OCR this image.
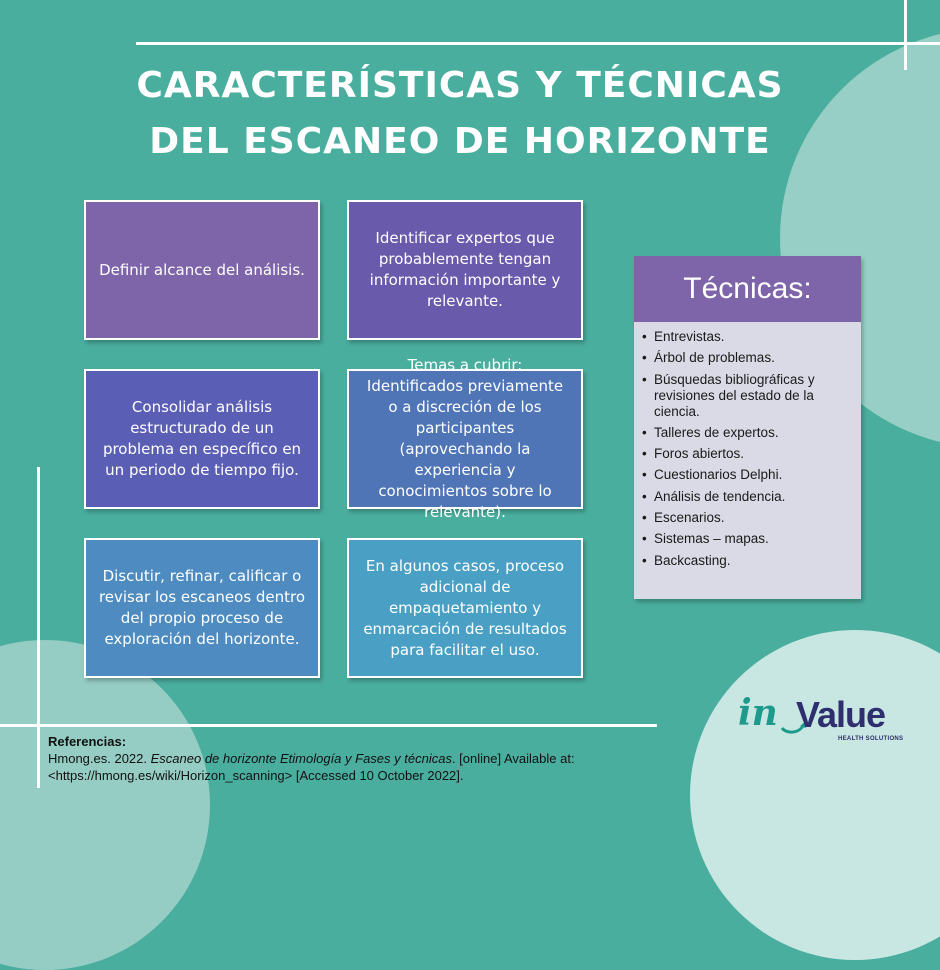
CARACTERÍSTICAS Y TÉCNICAS
DEL ESCANEO DE HORIZONTE
Definir alcance del análisis.
Identificar expertos que probablemente tengan información importante y relevante.
Consolidar análisis estructurado de un problema en específico en un periodo de tiempo fijo.
Temas a cubrir: Identificados previamente o a discreción de los participantes (aprovechando la experiencia y conocimientos sobre lo relevante).
Discutir, refinar, calificar o revisar los escaneos dentro del propio proceso de exploración del horizonte.
En algunos casos, proceso adicional de empaquetamiento y enmarcación de resultados para facilitar el uso.
Técnicas:
• Entrevistas.
• Árbol de problemas.
• Búsquedas bibliográficas y revisiones del estado de la ciencia.
• Talleres de expertos.
• Foros abiertos.
• Cuestionarios Delphi.
• Análisis de tendencia.
• Escenarios.
• Sistemas – mapas.
• Backcasting.
Referencias:
Hmong.es. 2022. Escaneo de horizonte Etimología y Fases y técnicas. [online] Available at:
<https://hmong.es/wiki/Horizon_scanning> [Accessed 10 October 2022].
in Value
HEALTH SOLUTIONS
